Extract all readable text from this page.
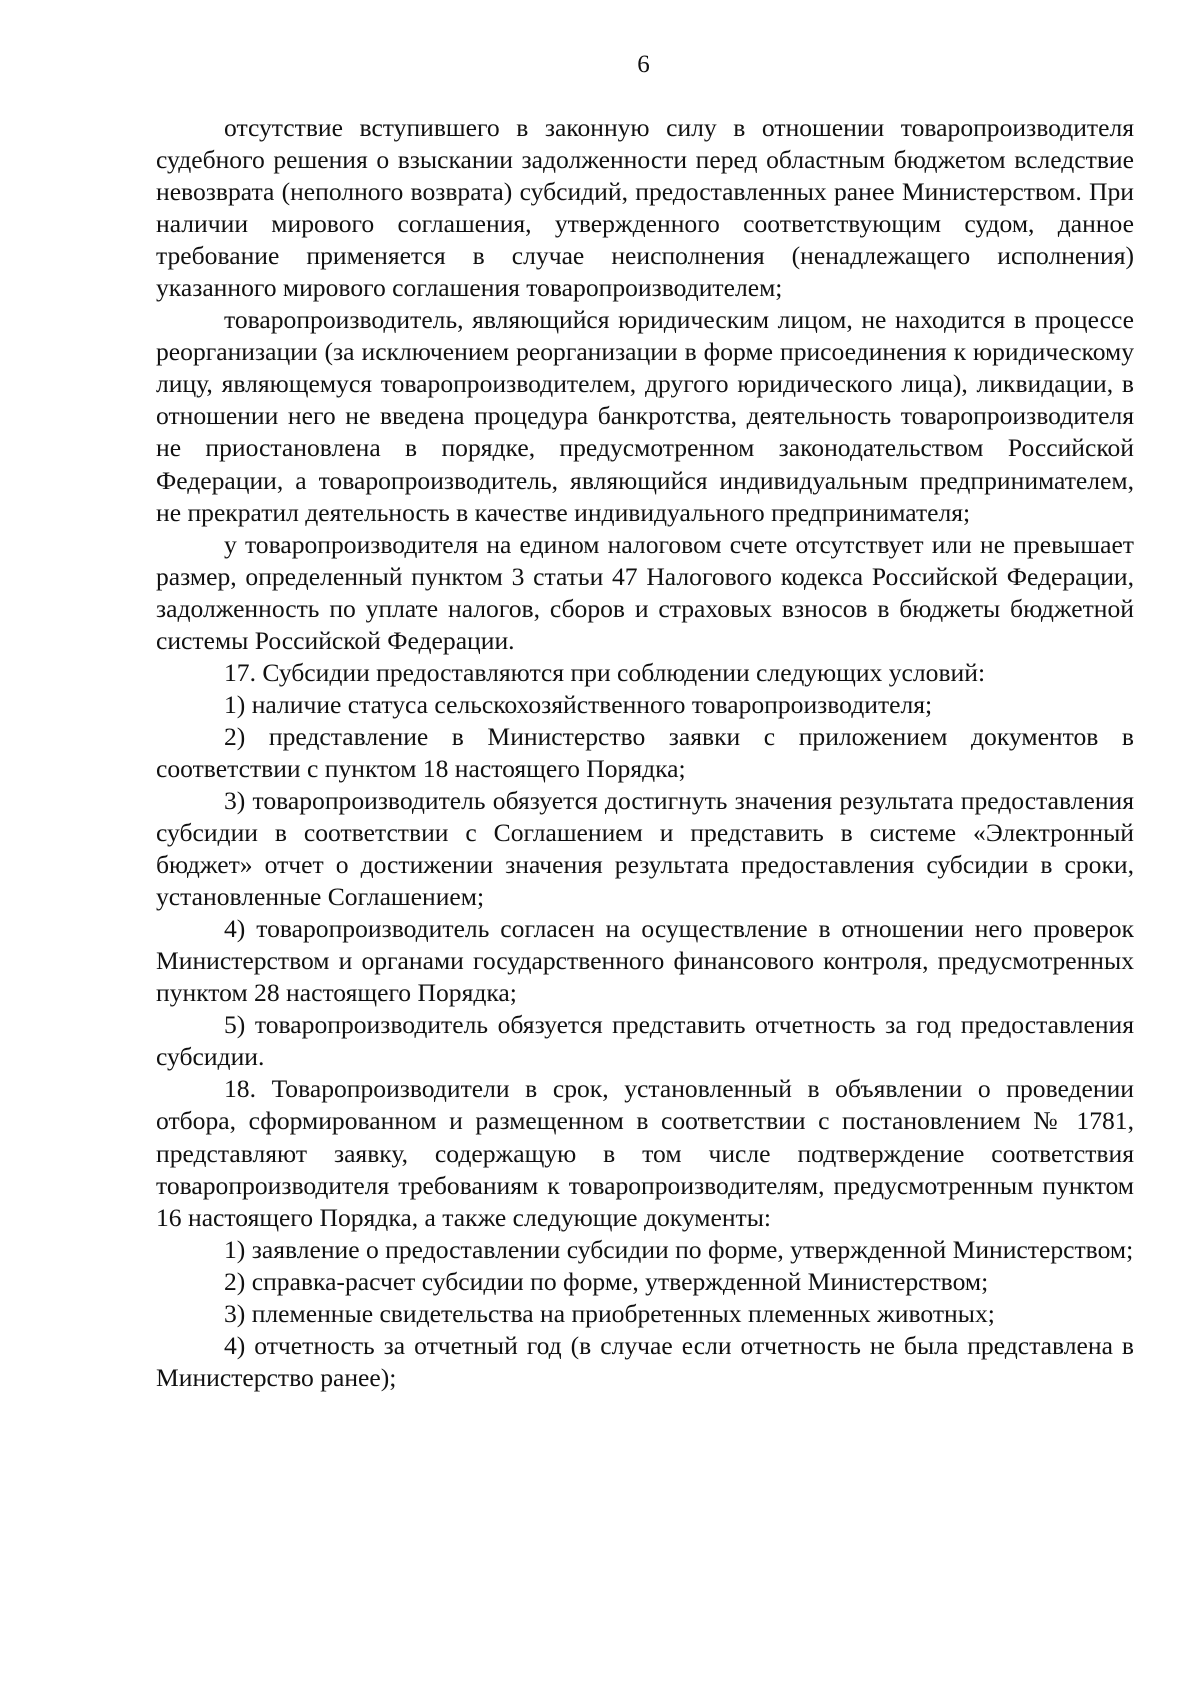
6

отсутствие вступившего в законную силу в отношении товаропроизводителя судебного решения о взыскании задолженности перед областным бюджетом вследствие невозврата (неполного возврата) субсидий, предоставленных ранее Министерством. При наличии мирового соглашения, утвержденного соответствующим судом, данное требование применяется в случае неисполнения (ненадлежащего исполнения) указанного мирового соглашения товаропроизводителем;

товаропроизводитель, являющийся юридическим лицом, не находится в процессе реорганизации (за исключением реорганизации в форме присоединения к юридическому лицу, являющемуся товаропроизводителем, другого юридического лица), ликвидации, в отношении него не введена процедура банкротства, деятельность товаропроизводителя не приостановлена в порядке, предусмотренном законодательством Российской Федерации, а товаропроизводитель, являющийся индивидуальным предпринимателем, не прекратил деятельность в качестве индивидуального предпринимателя;

у товаропроизводителя на едином налоговом счете отсутствует или не превышает размер, определенный пунктом 3 статьи 47 Налогового кодекса Российской Федерации, задолженность по уплате налогов, сборов и страховых взносов в бюджеты бюджетной системы Российской Федерации.

17. Субсидии предоставляются при соблюдении следующих условий:

1) наличие статуса сельскохозяйственного товаропроизводителя;

2) представление в Министерство заявки с приложением документов в соответствии с пунктом 18 настоящего Порядка;

3) товаропроизводитель обязуется достигнуть значения результата предоставления субсидии в соответствии с Соглашением и представить в системе «Электронный бюджет» отчет о достижении значения результата предоставления субсидии в сроки, установленные Соглашением;

4) товаропроизводитель согласен на осуществление в отношении него проверок Министерством и органами государственного финансового контроля, предусмотренных пунктом 28 настоящего Порядка;

5) товаропроизводитель обязуется представить отчетность за год предоставления субсидии.

18. Товаропроизводители в срок, установленный в объявлении о проведении отбора, сформированном и размещенном в соответствии с постановлением № 1781, представляют заявку, содержащую в том числе подтверждение соответствия товаропроизводителя требованиям к товаропроизводителям, предусмотренным пунктом 16 настоящего Порядка, а также следующие документы:

1) заявление о предоставлении субсидии по форме, утвержденной Министерством;

2) справка-расчет субсидии по форме, утвержденной Министерством;

3) племенные свидетельства на приобретенных племенных животных;

4) отчетность за отчетный год (в случае если отчетность не была представлена в Министерство ранее);
